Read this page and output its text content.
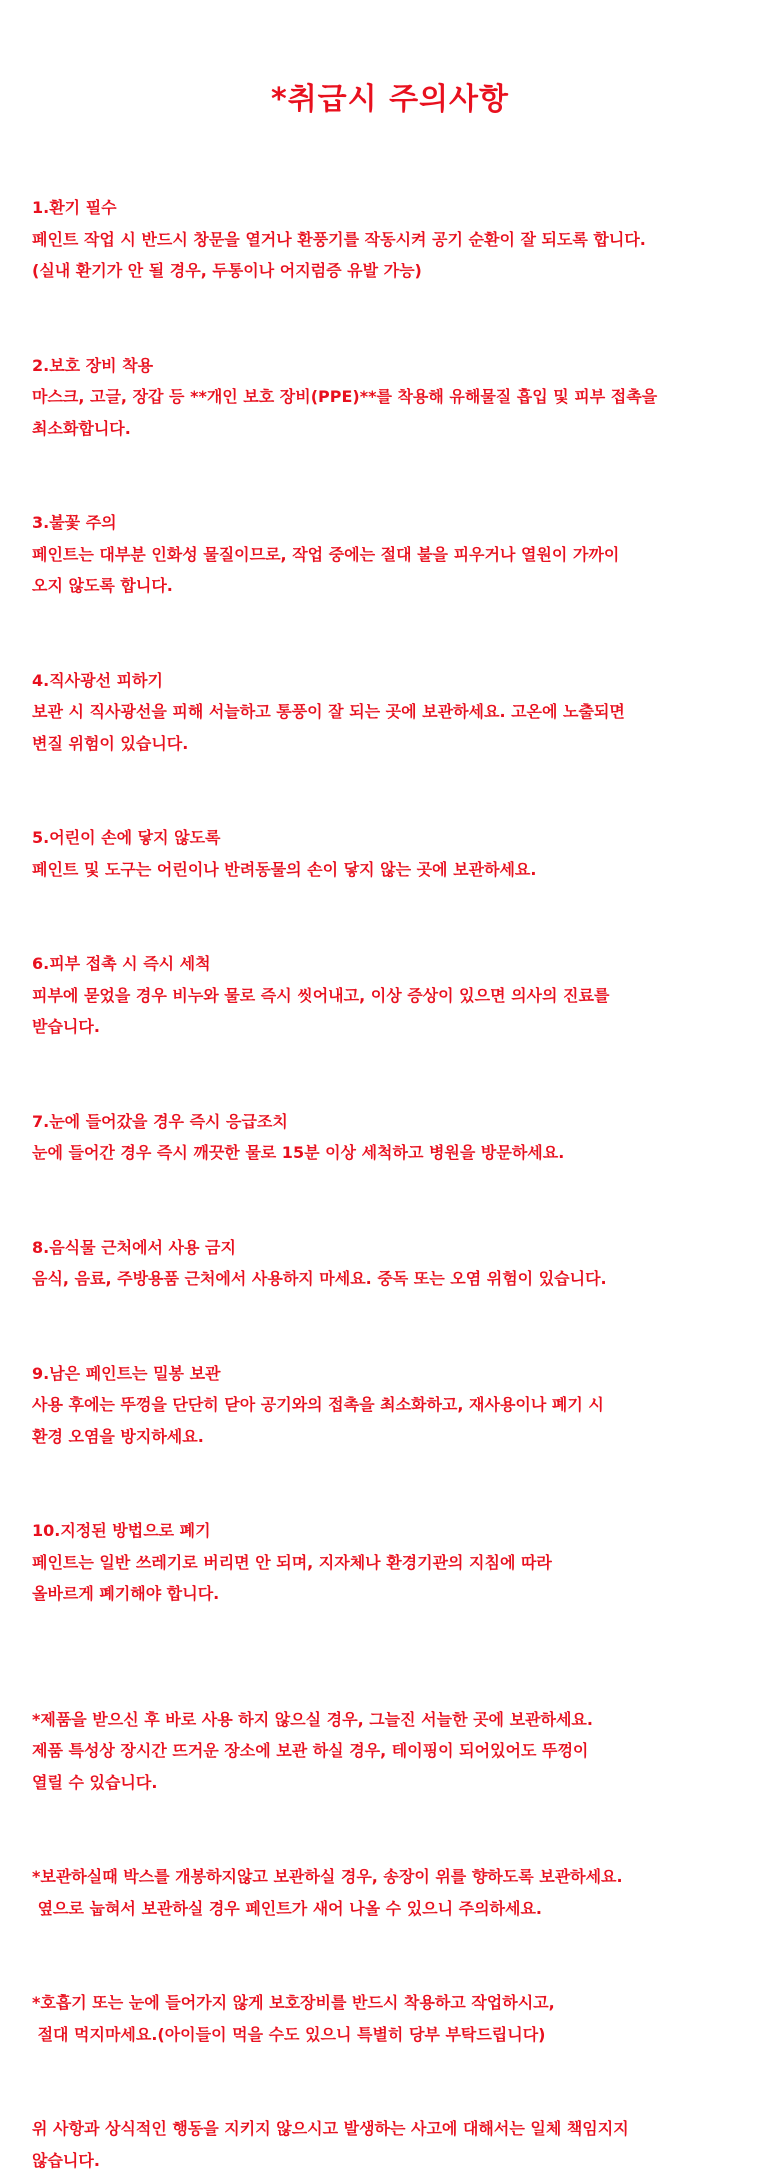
*취급시 주의사항
1.환기 필수
페인트 작업 시 반드시 창문을 열거나 환풍기를 작동시켜 공기 순환이 잘 되도록 합니다.
(실내 환기가 안 될 경우, 두통이나 어지럼증 유발 가능)
2.보호 장비 착용
마스크, 고글, 장갑 등 **개인 보호 장비(PPE)**를 착용해 유해물질 흡입 및 피부 접촉을
최소화합니다.
3.불꽃 주의
페인트는 대부분 인화성 물질이므로, 작업 중에는 절대 불을 피우거나 열원이 가까이
오지 않도록 합니다.
4.직사광선 피하기
보관 시 직사광선을 피해 서늘하고 통풍이 잘 되는 곳에 보관하세요. 고온에 노출되면
변질 위험이 있습니다.
5.어린이 손에 닿지 않도록
페인트 및 도구는 어린이나 반려동물의 손이 닿지 않는 곳에 보관하세요.
6.피부 접촉 시 즉시 세척
피부에 묻었을 경우 비누와 물로 즉시 씻어내고, 이상 증상이 있으면 의사의 진료를
받습니다.
7.눈에 들어갔을 경우 즉시 응급조치
눈에 들어간 경우 즉시 깨끗한 물로 15분 이상 세척하고 병원을 방문하세요.
8.음식물 근처에서 사용 금지
음식, 음료, 주방용품 근처에서 사용하지 마세요. 중독 또는 오염 위험이 있습니다.
9.남은 페인트는 밀봉 보관
사용 후에는 뚜껑을 단단히 닫아 공기와의 접촉을 최소화하고, 재사용이나 폐기 시
환경 오염을 방지하세요.
10.지정된 방법으로 폐기
페인트는 일반 쓰레기로 버리면 안 되며, 지자체나 환경기관의 지침에 따라
올바르게 폐기해야 합니다.
*제품을 받으신 후 바로 사용 하지 않으실 경우, 그늘진 서늘한 곳에 보관하세요.
제품 특성상 장시간 뜨거운 장소에 보관 하실 경우, 테이핑이 되어있어도 뚜껑이
열릴 수 있습니다.
*보관하실때 박스를 개봉하지않고 보관하실 경우, 송장이 위를 향하도록 보관하세요.
옆으로 눕혀서 보관하실 경우 페인트가 새어 나올 수 있으니 주의하세요.
*호흡기 또는 눈에 들어가지 않게 보호장비를 반드시 착용하고 작업하시고,
절대 먹지마세요.(아이들이 먹을 수도 있으니 특별히 당부 부탁드립니다)
위 사항과 상식적인 행동을 지키지 않으시고 발생하는 사고에 대해서는 일체 책임지지
않습니다.
